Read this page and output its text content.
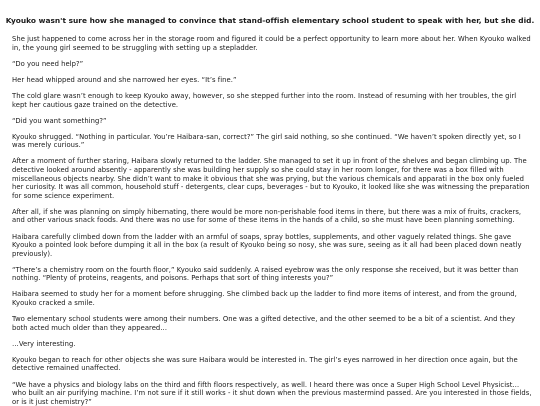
Kyouko wasn't sure how she managed to convince that stand-offish elementary school student to speak with her, but she did.

She just happened to come across her in the storage room and figured it could be a perfect opportunity to learn more about her. When Kyouko walked in, the young girl seemed to be struggling with setting up a stepladder.

“Do you need help?”

Her head whipped around and she narrowed her eyes. “It’s fine.”

The cold glare wasn’t enough to keep Kyouko away, however, so she stepped further into the room. Instead of resuming with her troubles, the girl kept her cautious gaze trained on the detective.

“Did you want something?”

Kyouko shrugged. “Nothing in particular. You’re Haibara-san, correct?” The girl said nothing, so she continued. “We haven’t spoken directly yet, so I was merely curious.”

After a moment of further staring, Haibara slowly returned to the ladder. She managed to set it up in front of the shelves and began climbing up. The detective looked around absently - apparently she was building her supply so she could stay in her room longer, for there was a box filled with miscellaneous objects nearby. She didn’t want to make it obvious that she was prying, but the various chemicals and apparati in the box only fueled her curiosity. It was all common, household stuff - detergents, clear cups, beverages - but to Kyouko, it looked like she was witnessing the preparation for some science experiment.

After all, if she was planning on simply hibernating, there would be more non-perishable food items in there, but there was a mix of fruits, crackers, and other various snack foods. And there was no use for some of these items in the hands of a child, so she must have been planning something.

Haibara carefully climbed down from the ladder with an armful of soaps, spray bottles, supplements, and other vaguely related things. She gave Kyouko a pointed look before dumping it all in the box (a result of Kyouko being so nosy, she was sure, seeing as it all had been placed down neatly previously).

“There’s a chemistry room on the fourth floor,” Kyouko said suddenly. A raised eyebrow was the only response she received, but it was better than nothing. “Plenty of proteins, reagents, and poisons. Perhaps that sort of thing interests you?”

Haibara seemed to study her for a moment before shrugging. She climbed back up the ladder to find more items of interest, and from the ground, Kyouko cracked a smile.

Two elementary school students were among their numbers. One was a gifted detective, and the other seemed to be a bit of a scientist. And they both acted much older than they appeared…

…Very interesting.

Kyouko began to reach for other objects she was sure Haibara would be interested in. The girl’s eyes narrowed in her direction once again, but the detective remained unaffected.

“We have a physics and biology labs on the third and fifth floors respectively, as well. I heard there was once a Super High School Level Physicist… who built an air purifying machine. I’m not sure if it still works - it shut down when the previous mastermind passed. Are you interested in those fields, or is it just chemistry?”
